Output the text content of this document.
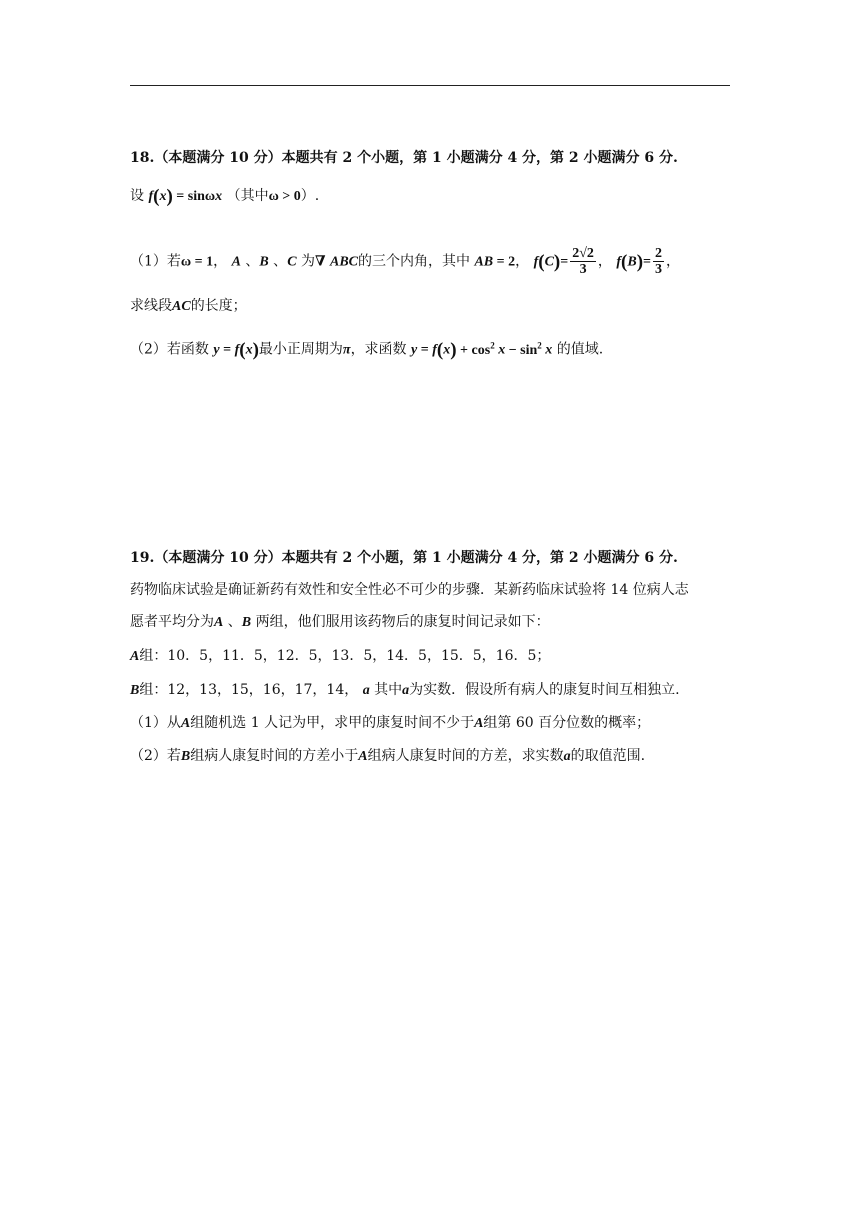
18.（本题满分 10 分）本题共有 2 个小题，第 1 小题满分 4 分，第 2 小题满分 6 分.
设 f(x) = sinωx （其中ω > 0）.
（1）若ω = 1， A 、B 、C 为∇ ABC的三个内角，其中 AB = 2， $f(C)= \frac{2√2}{3}$ ， $f(B)= \frac{2}{3}$ ，
求线段AC的长度；
（2）若函数 y = f(x)最小正周期为π，求函数 $y = f(x) + \cos^2 x - \sin^2 x$ 的值域.
19.（本题满分 10 分）本题共有 2 个小题，第 1 小题满分 4 分，第 2 小题满分 6 分.
药物临床试验是确证新药有效性和安全性必不可少的步骤．某新药临床试验将 14 位病人志
愿者平均分为A 、B 两组，他们服用该药物后的康复时间记录如下：
A组：10．5，11．5，12．5，13．5，14．5，15．5，16．5；
B组：12，13，15，16，17，14， a 其中a为实数．假设所有病人的康复时间互相独立.
（1）从A组随机选 1 人记为甲，求甲的康复时间不少于A组第 60 百分位数的概率；
（2）若B组病人康复时间的方差小于A组病人康复时间的方差，求实数a的取值范围.
